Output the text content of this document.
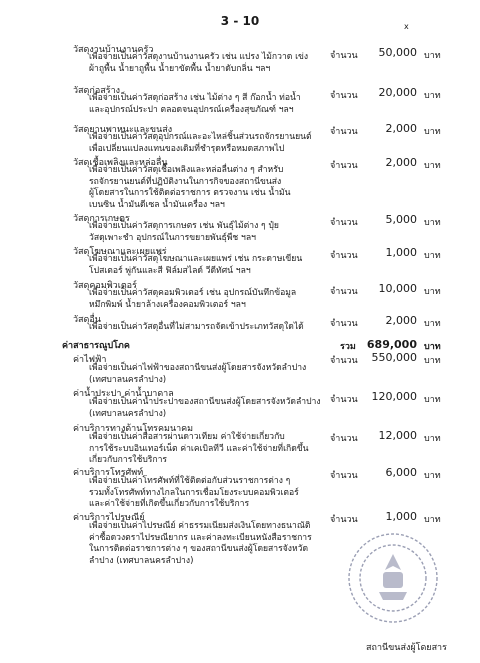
3 - 10	x
วัสดุงานบ้านงานครัว
เพื่อจ่ายเป็นค่าวัสดุงานบ้านงานครัว เช่น แปรง ไม้กวาด เข่ง
ผ้าถูพื้น น้ำยาถูพื้น น้ำยาขัดพื้น น้ำยาดับกลิ่น ฯลฯ
จำนวน 50,000 บาท
วัสดุก่อสร้าง
เพื่อจ่ายเป็นค่าวัสดุก่อสร้าง เช่น ไม้ต่าง ๆ สี ก๊อกน้ำ ท่อน้ำ
และอุปกรณ์ประปา ตลอดจนอุปกรณ์เครื่องสุขภัณฑ์ ฯลฯ
จำนวน 20,000 บาท
วัสดุยานพาหนะและขนส่ง
เพื่อจ่ายเป็นค่าวัสดุอุปกรณ์และอะไหล่ชิ้นส่วนรถจักรยานยนต์
เพื่อเปลี่ยนแปลงแทนของเดิมที่ชำรุดหรือหมดสภาพไป
จำนวน	2,000 บาท
วัสดุเชื้อเพลิงและหล่อลื่น
เพื่อจ่ายเป็นค่าวัสดุเชื้อเพลิงและหล่อลื่นต่าง ๆ สำหรับ
รถจักรยานยนต์ที่ปฏิบัติงานในการกิจของสถานีขนส่ง
ผู้โดยสารในการใช้ติดต่อราชการ ตรวจงาน เช่น น้ำมัน
เบนซิน น้ำมันดีเซล น้ำมันเครื่อง ฯลฯ
จำนวน	2,000 บาท
วัสดุการเกษตร
เพื่อจ่ายเป็นค่าวัสดุการเกษตร เช่น พันธุ์ไม้ต่าง ๆ ปุ๋ย
วัสดุเพาะชำ อุปกรณ์ในการขยายพันธุ์พืช ฯลฯ
จำนวน	5,000 บาท
วัสดุโฆษณาและเผยแพร่
เพื่อจ่ายเป็นค่าวัสดุโฆษณาและเผยแพร่ เช่น กระดาษเขียน
โปสเตอร์ พู่กันและสี ฟิล์มสไลด์ วีดีทัศน์ ฯลฯ
จำนวน	1,000 บาท
วัสดุคอมพิวเตอร์
เพื่อจ่ายเป็นค่าวัสดุคอมพิวเตอร์ เช่น อุปกรณ์บันทึกข้อมูล
หมึกพิมพ์ น้ำยาล้างเครื่องคอมพิวเตอร์ ฯลฯ
จำนวน 10,000 บาท
วัสดุอื่น
เพื่อจ่ายเป็นค่าวัสดุอื่นที่ไม่สามารถจัดเข้าประเภทวัสดุใดได้	จำนวน	2,000 บาท
ค่าสาธารณูปโภค	รวม 689,000 บาท
ค่าไฟฟ้า
เพื่อจ่ายเป็นค่าไฟฟ้าของสถานีขนส่งผู้โดยสารจังหวัดลำปาง
(เทศบาลนครลำปาง)
จำนวน 550,000 บาท
ค่าน้ำประปา ค่าน้ำบาดาล
เพื่อจ่ายเป็นค่าน้ำประปาของสถานีขนส่งผู้โดยสารจังหวัดลำปาง
(เทศบาลนครลำปาง)
จำนวน 120,000 บาท
ค่าบริการทางด้านโทรคมนาคม
เพื่อจ่ายเป็นค่าสื่อสารผ่านดาวเทียม ค่าใช้จ่ายเกี่ยวกับ
การใช้ระบบอินเทอร์เน็ต ค่าเคเบิลทีวี และค่าใช้จ่ายที่เกิดขึ้น
เกี่ยวกับการใช้บริการ
จำนวน 12,000 บาท
ค่าบริการโทรศัพท์
เพื่อจ่ายเป็นค่าโทรศัพท์ที่ใช้ติดต่อกับส่วนราชการต่าง ๆ
รวมทั้งโทรศัพท์ทางไกลในการเชื่อมโยงระบบคอมพิวเตอร์
และค่าใช้จ่ายที่เกิดขึ้นเกี่ยวกับการใช้บริการ
จำนวน	6,000 บาท
ค่าบริการไปรษณีย์
เพื่อจ่ายเป็นค่าไปรษณีย์ ค่าธรรมเนียมส่งเงินโดยทางธนาณัติ
ค่าซื้อดวงตราไปรษณียากร และค่าลงทะเบียนหนังสือราชการ
ในการติดต่อราชการต่าง ๆ ของสถานีขนส่งผู้โดยสารจังหวัด
ลำปาง (เทศบาลนครลำปาง)
จำนวน	1,000 บาท
สถานีขนส่งผู้โดยสาร
